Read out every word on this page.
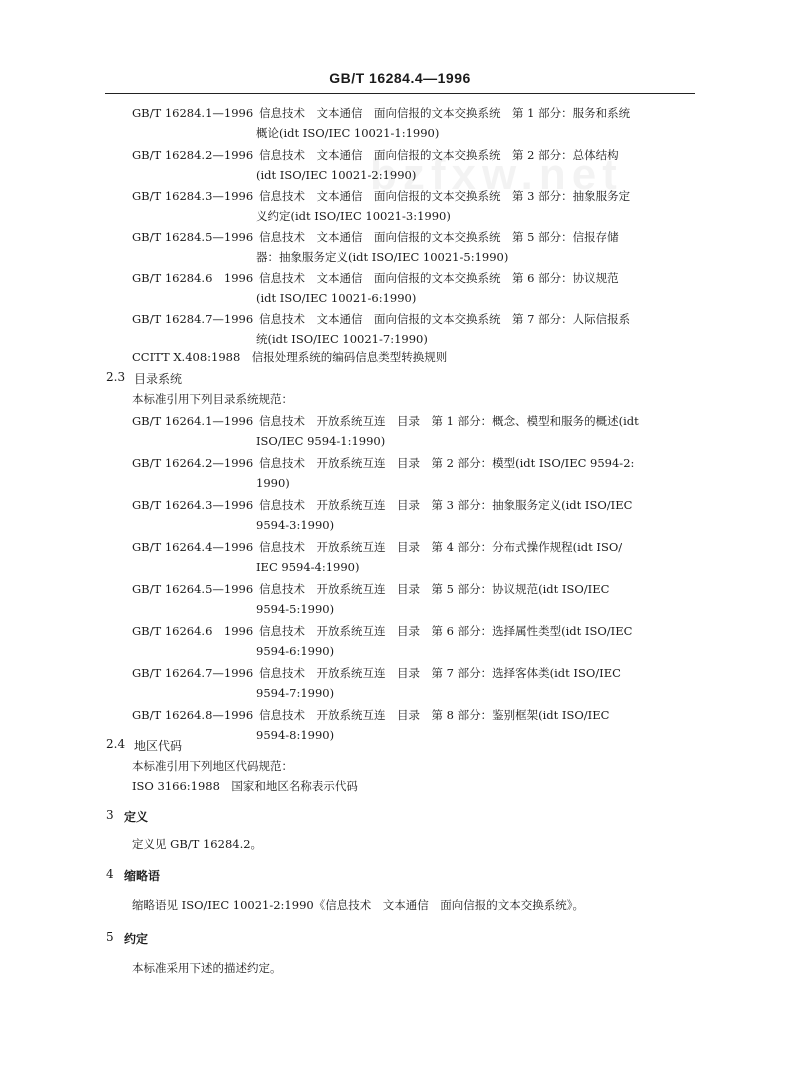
GB/T 16284.4—1996
GB/T 16284.1—1996 信息技术　文本通信　面向信报的文本交换系统　第 1 部分：服务和系统
概论(idt ISO/IEC 10021-1:1990)
GB/T 16284.2—1996 信息技术　文本通信　面向信报的文本交换系统　第 2 部分：总体结构
(idt ISO/IEC 10021-2:1990)
GB/T 16284.3—1996 信息技术　文本通信　面向信报的文本交换系统　第 3 部分：抽象服务定
义约定(idt ISO/IEC 10021-3:1990)
GB/T 16284.5—1996 信息技术　文本通信　面向信报的文本交换系统　第 5 部分：信报存储
器：抽象服务定义(idt ISO/IEC 10021-5:1990)
GB/T 16284.6　1996 信息技术　文本通信　面向信报的文本交换系统　第 6 部分：协议规范
(idt ISO/IEC 10021-6:1990)
GB/T 16284.7—1996 信息技术　文本通信　面向信报的文本交换系统　第 7 部分：人际信报系
统(idt ISO/IEC 10021-7:1990)
CCITT X.408:1988　信报处理系统的编码信息类型转换规则
2.3 目录系统
本标准引用下列目录系统规范：
GB/T 16264.1—1996 信息技术　开放系统互连　目录　第 1 部分：概念、模型和服务的概述(idt
ISO/IEC 9594-1:1990)
GB/T 16264.2—1996 信息技术　开放系统互连　目录　第 2 部分：模型(idt ISO/IEC 9594-2:
1990)
GB/T 16264.3—1996 信息技术　开放系统互连　目录　第 3 部分：抽象服务定义(idt ISO/IEC
9594-3:1990)
GB/T 16264.4—1996 信息技术　开放系统互连　目录　第 4 部分：分布式操作规程(idt ISO/
IEC 9594-4:1990)
GB/T 16264.5—1996 信息技术　开放系统互连　目录　第 5 部分：协议规范(idt ISO/IEC
9594-5:1990)
GB/T 16264.6　1996 信息技术　开放系统互连　目录　第 6 部分：选择属性类型(idt ISO/IEC
9594-6:1990)
GB/T 16264.7—1996 信息技术　开放系统互连　目录　第 7 部分：选择客体类(idt ISO/IEC
9594-7:1990)
GB/T 16264.8—1996 信息技术　开放系统互连　目录　第 8 部分：鉴别框架(idt ISO/IEC
9594-8:1990)
2.4 地区代码
本标准引用下列地区代码规范：
ISO 3166:1988　国家和地区名称表示代码
3 定义
定义见 GB/T 16284.2。
4 缩略语
缩略语见 ISO/IEC 10021-2:1990《信息技术　文本通信　面向信报的文本交换系统》。
5 约定
本标准采用下述的描述约定。
